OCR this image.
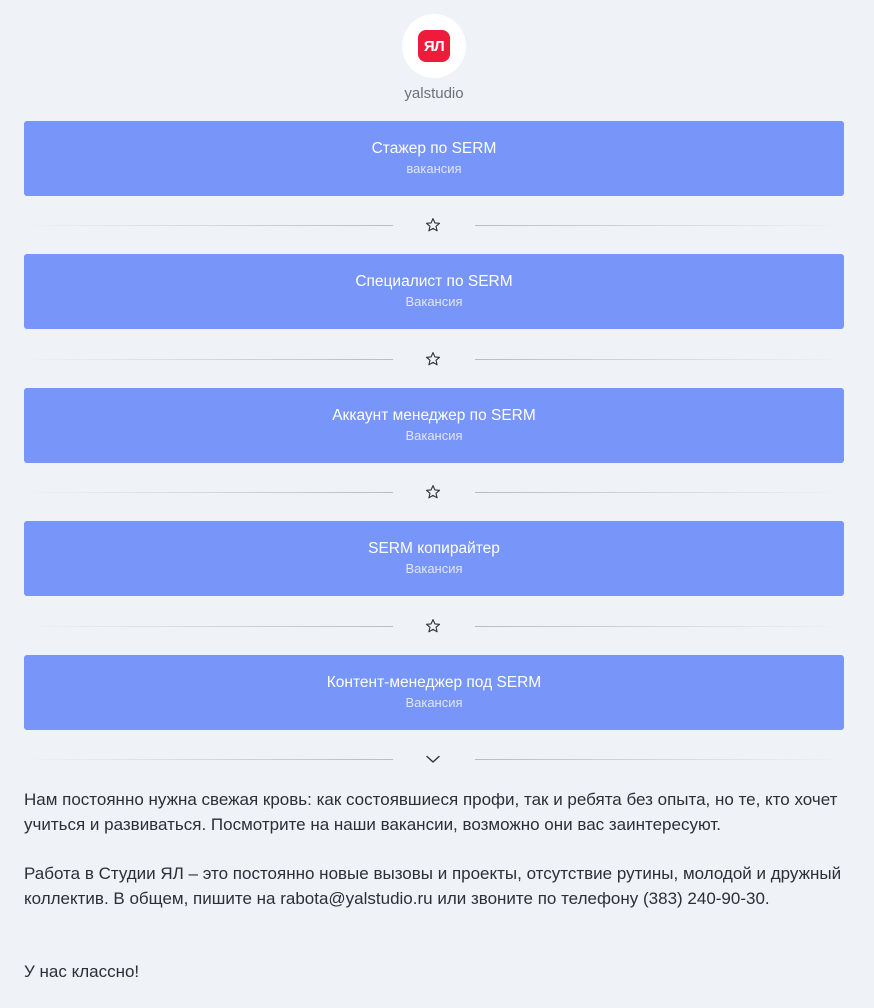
ЯЛ
yalstudio
Стажер по SERM
вакансия
Специалист по SERM
Вакансия
Аккаунт менеджер по SERM
Вакансия
SERM копирайтер
Вакансия
Контент-менеджер под SERM
Вакансия
Нам постоянно нужна свежая кровь: как состоявшиеся профи, так и ребята без опыта, но те, кто хочет учиться и развиваться. Посмотрите на наши вакансии, возможно они вас заинтересуют.
Работа в Студии ЯЛ – это постоянно новые вызовы и проекты, отсутствие рутины, молодой и дружный коллектив. В общем, пишите на rabota@yalstudio.ru или звоните по телефону (383) 240-90-30.
У нас классно!
